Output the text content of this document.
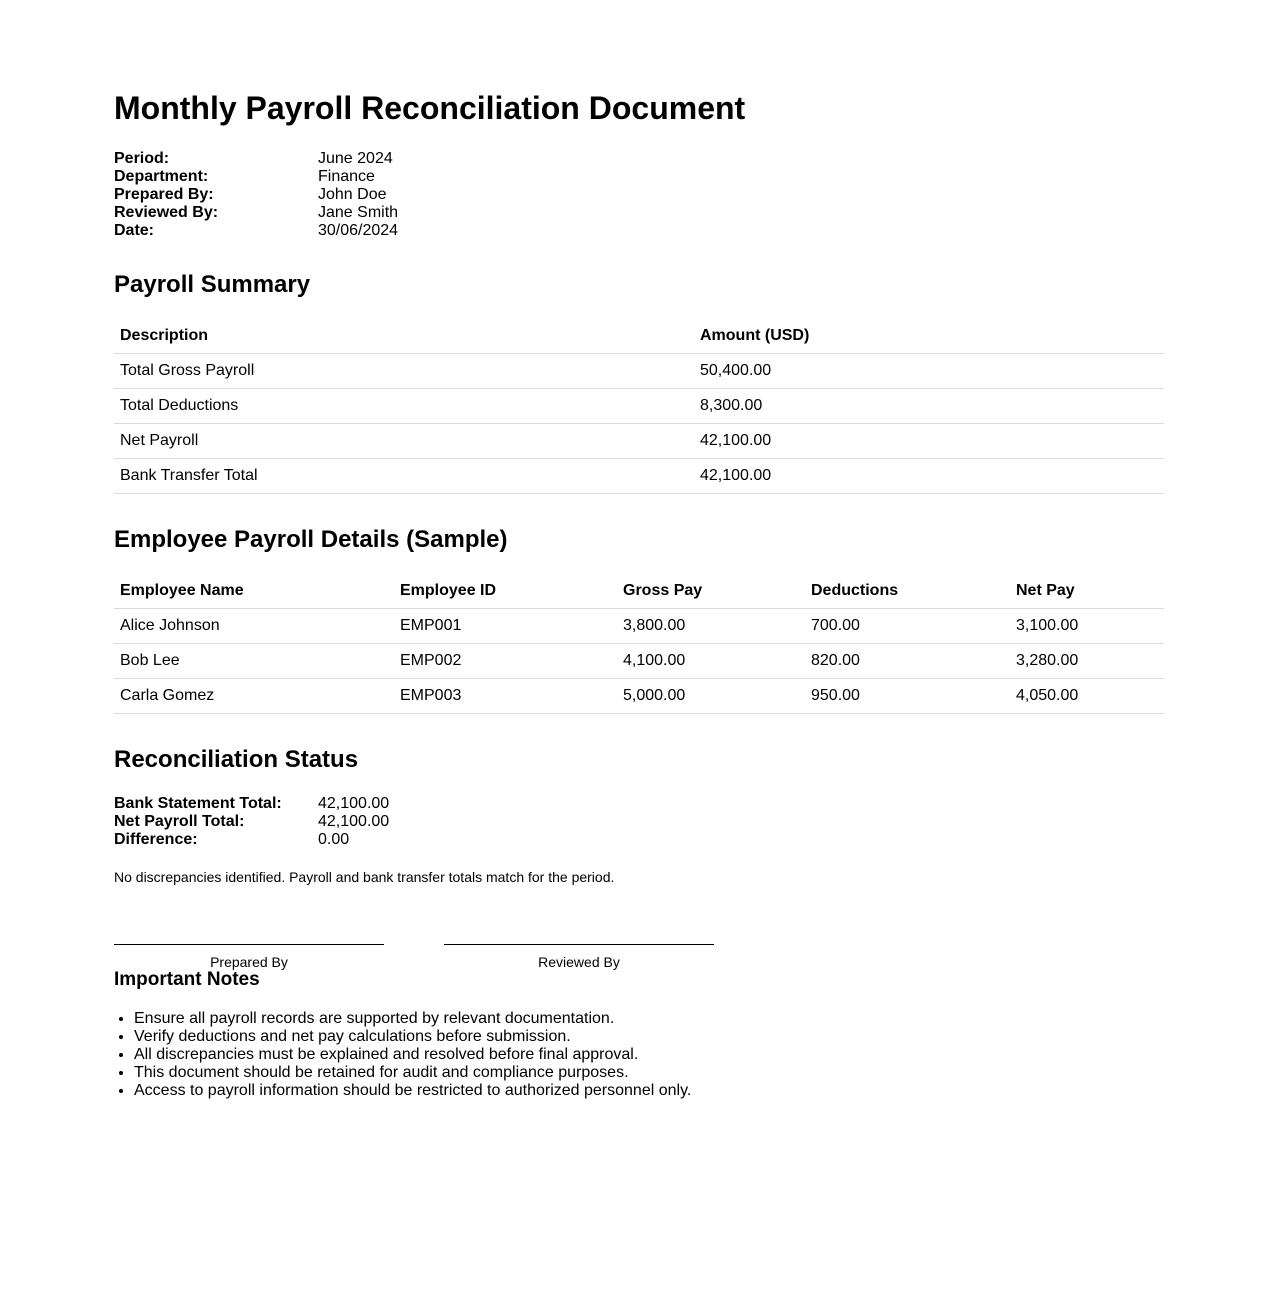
Monthly Payroll Reconciliation Document
Period:	June 2024
Department:	Finance
Prepared By:	John Doe
Reviewed By:	Jane Smith
Date:	30/06/2024
Payroll Summary
Description	Amount (USD)
Total Gross Payroll	50,400.00
Total Deductions	8,300.00
Net Payroll	42,100.00
Bank Transfer Total	42,100.00
Employee Payroll Details (Sample)
Employee Name	Employee ID	Gross Pay	Deductions	Net Pay
Alice Johnson	EMP001	3,800.00	700.00	3,100.00
Bob Lee	EMP002	4,100.00	820.00	3,280.00
Carla Gomez	EMP003	5,000.00	950.00	4,050.00
Reconciliation Status
Bank Statement Total:	42,100.00
Net Payroll Total:	42,100.00
Difference:	0.00
No discrepancies identified. Payroll and bank transfer totals match for the period.
Prepared By	Reviewed By
Important Notes
• Ensure all payroll records are supported by relevant documentation.
• Verify deductions and net pay calculations before submission.
• All discrepancies must be explained and resolved before final approval.
• This document should be retained for audit and compliance purposes.
• Access to payroll information should be restricted to authorized personnel only.
